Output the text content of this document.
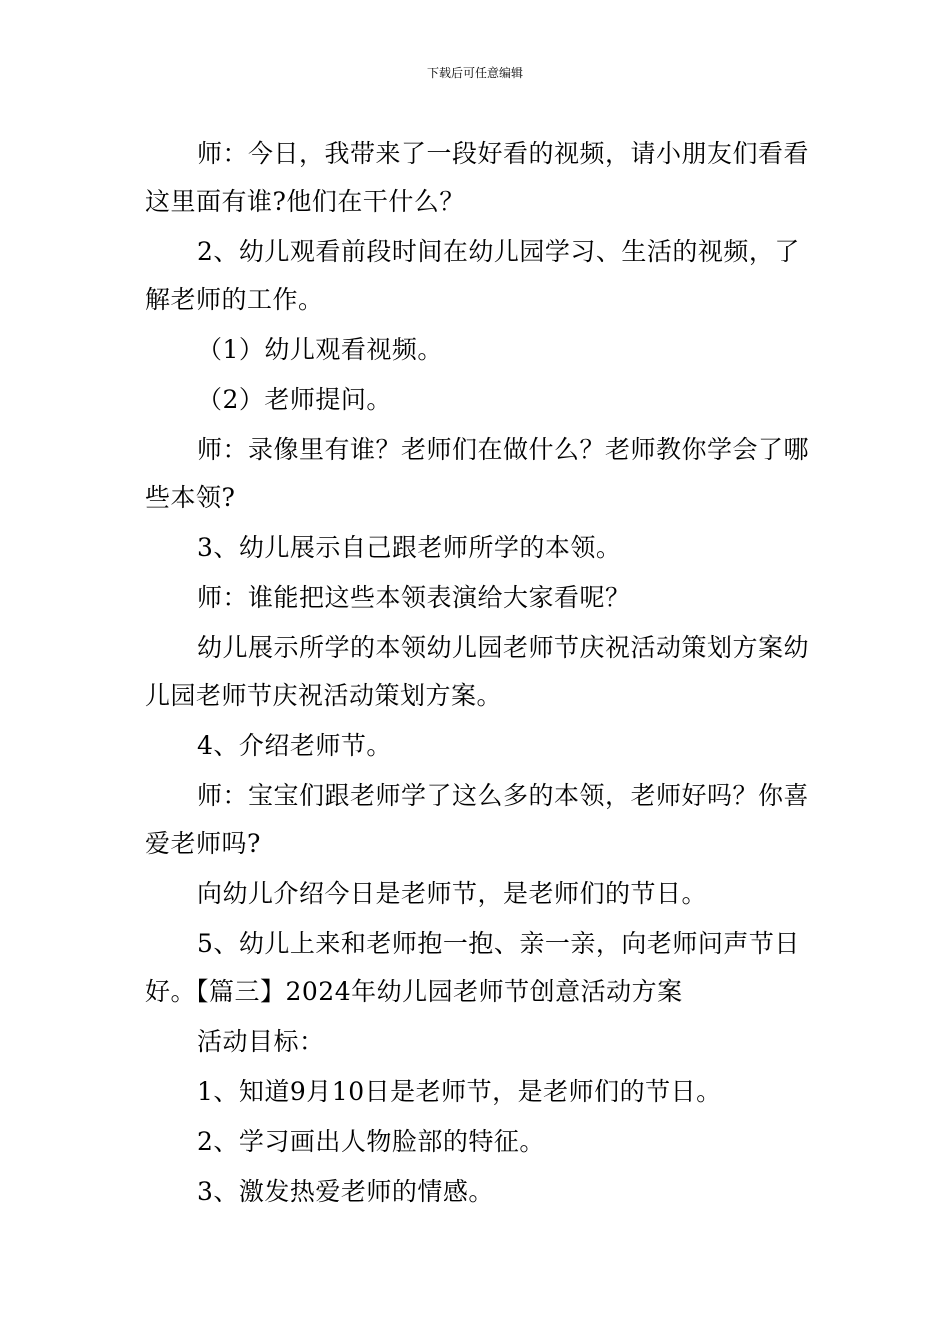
下载后可任意编辑

师：今日，我带来了一段好看的视频，请小朋友们看看这里面有谁?他们在干什么？

2、幼儿观看前段时间在幼儿园学习、生活的视频，了解老师的工作。

（1）幼儿观看视频。

（2）老师提问。

师：录像里有谁？老师们在做什么？老师教你学会了哪些本领?

3、幼儿展示自己跟老师所学的本领。

师：谁能把这些本领表演给大家看呢？

幼儿展示所学的本领幼儿园老师节庆祝活动策划方案幼儿园老师节庆祝活动策划方案。

4、介绍老师节。

师：宝宝们跟老师学了这么多的本领，老师好吗？你喜爱老师吗?

向幼儿介绍今日是老师节，是老师们的节日。

5、幼儿上来和老师抱一抱、亲一亲，向老师问声节日好。【篇三】2024年幼儿园老师节创意活动方案

活动目标：

1、知道9月10日是老师节，是老师们的节日。

2、学习画出人物脸部的特征。

3、激发热爱老师的情感。
